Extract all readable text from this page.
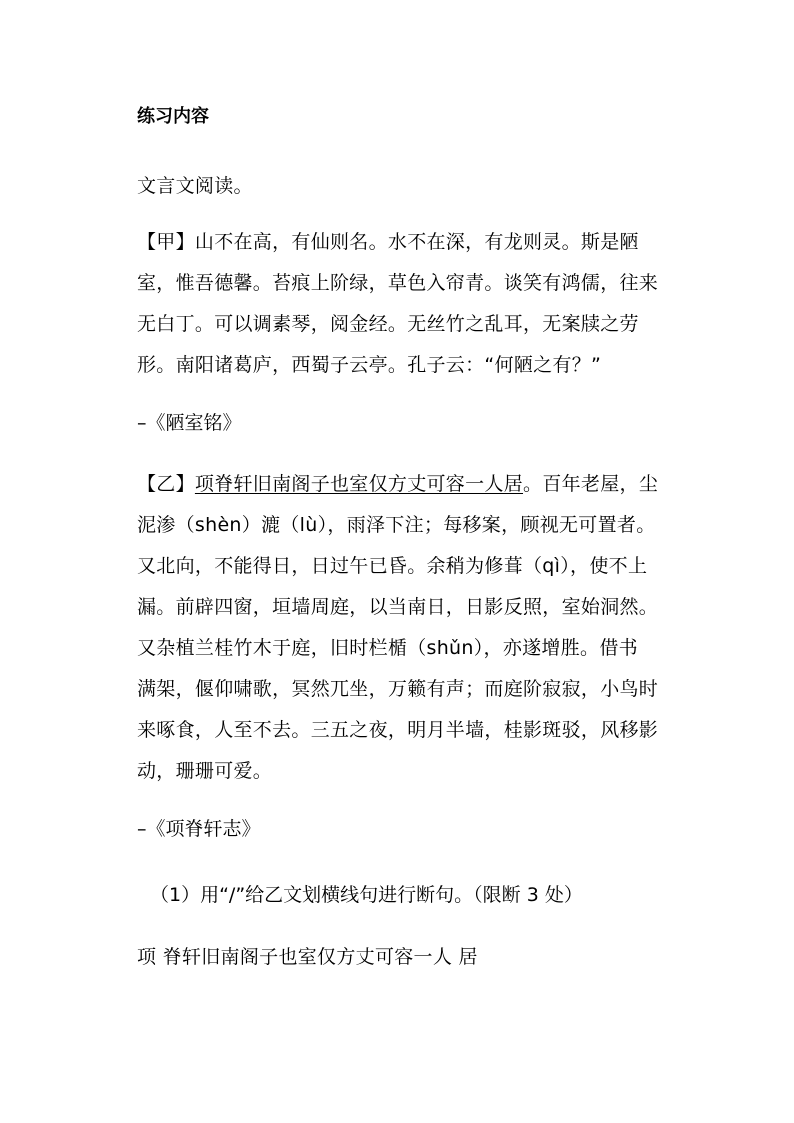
练习内容
文言文阅读。
【甲】山不在高，有仙则名。水不在深，有龙则灵。斯是陋
室，惟吾德馨。苔痕上阶绿，草色入帘青。谈笑有鸿儒，往来
无白丁。可以调素琴，阅金经。无丝竹之乱耳，无案牍之劳
形。南阳诸葛庐，西蜀子云亭。孔子云：“何陋之有？”
–《陋室铭》
【乙】项脊轩旧南阁子也室仅方丈可容一人居。百年老屋，尘
泥渗（shèn）漉（lù），雨泽下注；每移案，顾视无可置者。
又北向，不能得日，日过午已昏。余稍为修葺（qì），使不上
漏。前辟四窗，垣墙周庭，以当南日，日影反照，室始洞然。
又杂植兰桂竹木于庭，旧时栏楯（shǔn），亦遂增胜。借书
满架，偃仰啸歌，冥然兀坐，万籁有声；而庭阶寂寂，小鸟时
来啄食，人至不去。三五之夜，明月半墙，桂影斑驳，风移影
动，珊珊可爱。
–《项脊轩志》
（1）用“/”给乙文划横线句进行断句。（限断 3 处）
项 脊轩旧南阁子也室仅方丈可容一人 居
